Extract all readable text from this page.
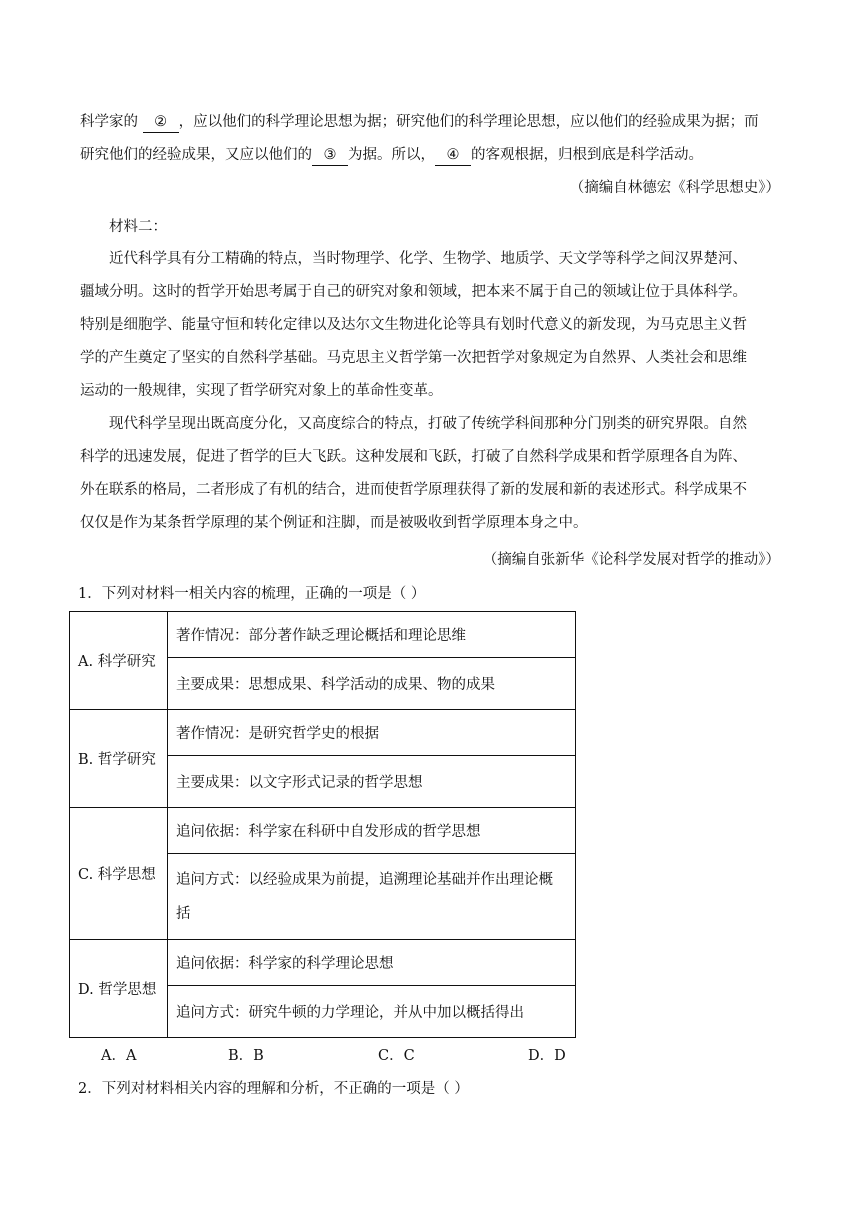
科学家的 ② ，应以他们的科学理论思想为据；研究他们的科学理论思想，应以他们的经验成果为据；而
研究他们的经验成果，又应以他们的 ③ 为据。所以， ④ 的客观根据，归根到底是科学活动。
（摘编自林德宏《科学思想史》）
材料二：
近代科学具有分工精确的特点，当时物理学、化学、生物学、地质学、天文学等科学之间汉界楚河、
疆域分明。这时的哲学开始思考属于自己的研究对象和领域，把本来不属于自己的领域让位于具体科学。
特别是细胞学、能量守恒和转化定律以及达尔文生物进化论等具有划时代意义的新发现，为马克思主义哲
学的产生奠定了坚实的自然科学基础。马克思主义哲学第一次把哲学对象规定为自然界、人类社会和思维
运动的一般规律，实现了哲学研究对象上的革命性变革。
现代科学呈现出既高度分化，又高度综合的特点，打破了传统学科间那种分门别类的研究界限。自然
科学的迅速发展，促进了哲学的巨大飞跃。这种发展和飞跃，打破了自然科学成果和哲学原理各自为阵、
外在联系的格局，二者形成了有机的结合，进而使哲学原理获得了新的发展和新的表述形式。科学成果不
仅仅是作为某条哲学原理的某个例证和注脚，而是被吸收到哲学原理本身之中。
（摘编自张新华《论科学发展对哲学的推动》）
1．下列对材料一相关内容的梳理，正确的一项是（ ）
A. 科学研究	著作情况：部分著作缺乏理论概括和理论思维
	主要成果：思想成果、科学活动的成果、物的成果
B. 哲学研究	著作情况：是研究哲学史的根据
	主要成果：以文字形式记录的哲学思想
C. 科学思想	追问依据：科学家在科研中自发形成的哲学思想
	追问方式：以经验成果为前提，追溯理论基础并作出理论概
括
D. 哲学思想	追问依据：科学家的科学理论思想
	追问方式：研究牛顿的力学理论，并从中加以概括得出
A．A	B．B	C．C	D．D
2．下列对材料相关内容的理解和分析，不正确的一项是（ ）
